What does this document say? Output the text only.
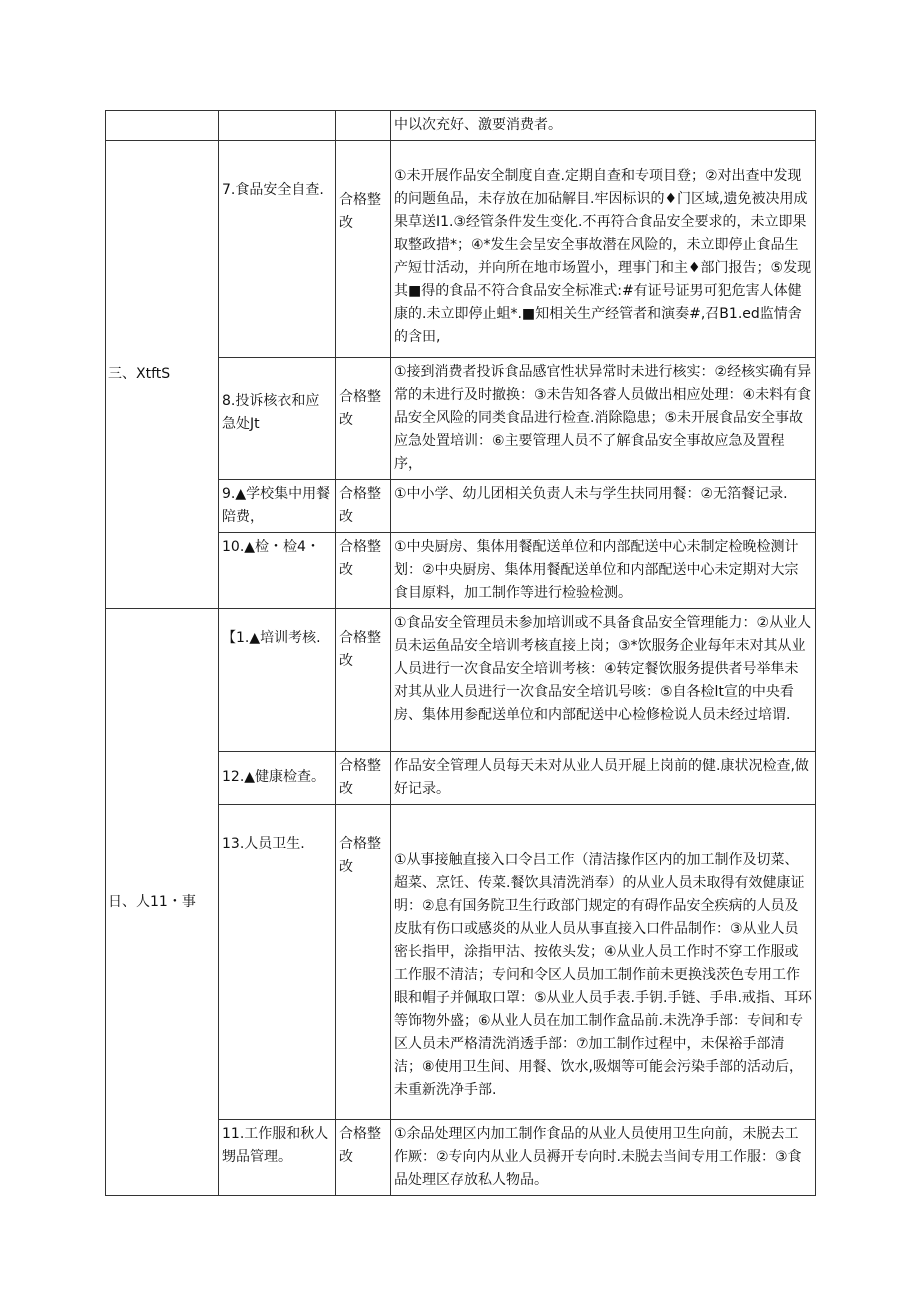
			中以次充好、激要消费者。
三、XtftS	7.食品安全自查.	合格整改	①未开展作品安全制度自查.定期自查和专项目登；②对出查中发现的问题鱼品，未存放在加砧解目.牢因标识的♦门区域,遗免被决用成果草送I1.③经管条件发生变化.不再符合食品安全要求的，未立即果取整政措*；④*发生会呈安全事故潜在风险的，未立即停止食品生产短廿活动，并向所在地市场置小，理事门和主♦部门报告；⑤发现其■得的食品不符合食品安全标准式:#有证号证男可犯危害人体健康的.未立即停止蛆*.■知相关生产经管者和演奏#,召B1.ed监情舍的含田,
	8.投诉核衣和应急处Jt	合格整改	①接到消费者投诉食品感官性状异常时未进行核实：②经核实确有异常的未进行及时撤换：③未告知各睿人员做出相应处理：④未料有食品安全风险的同类食品进行检查.消除隐患；⑤未开展食品安全事故应急处置培训：⑥主要管理人员不了解食品安全事故应急及置程序，
	9.▲学校集中用餐陪费，	合格整改	①中小学、幼儿团相关负责人未与学生扶同用餐：②无箔餐记录.
	10.▲检・检4・	合格整改	①中央厨房、集体用餐配送单位和内部配送中心未制定检晚检测计划：②中央厨房、集体用餐配送单位和内部配送中心未定期对大宗食目原料，加工制作等进行检验检测。
日、人11・事	【1.▲培训考核.	合格整改	①食品安全管理员未参加培训或不具备食品安全管理能力：②从业人员未运鱼品安全培训考核直接上岗；③*饮服务企业每年末对其从业人员进行一次食品安全培训考核：④转定餐饮服务提供者号举隼未对其从业人员进行一次食品安全培讥号咳：⑤自各检lt宣的中央看房、集体用参配送单位和内部配送中心检修检说人员未经过培谓.
	12.▲健康检查。	合格整改	作品安全管理人员每天未对从业人员开屣上岗前的健.康状况检查,做好记录。
	13.人员卫生.	合格整改	①从事接触直接入口令吕工作（清洁掾作区内的加工制作及切菜、超菜、烹饪、传菜.餐饮具清洗消奉）的从业人员未取得有效健康证明：②息有国务院卫生行政部门规定的有碍作品安全疾病的人员及皮肽有伤口或感炎的从业人员从事直接入口件品制作：③从业人员密长指甲，涂指甲沽、按侬头发；④从业人员工作时不穿工作服或工作服不清洁；专问和令区人员加工制作前未更换浅茨色专用工作眼和帽子并佩取口罩：⑤从业人员手表.手钥.手链、手串.戒指、耳环等饰物外盛；⑥从业人员在加工制作盒品前.未洗净手部：专间和专区人员未严格清洗消透手部：⑦加工制作过程中，未保裕手部清洁；⑧使用卫生间、用餐、饮水,吸烟等可能会污染手部的活动后，未重新洗净手部.
	11.工作服和秋人甥品管理。	合格整改	①余品处理区内加工制作食品的从业人员使用卫生向前，未脱去工作厥：②专向内从业人员褥开专向时.未脱去当间专用工作服：③食品处理区存放私人物品。
